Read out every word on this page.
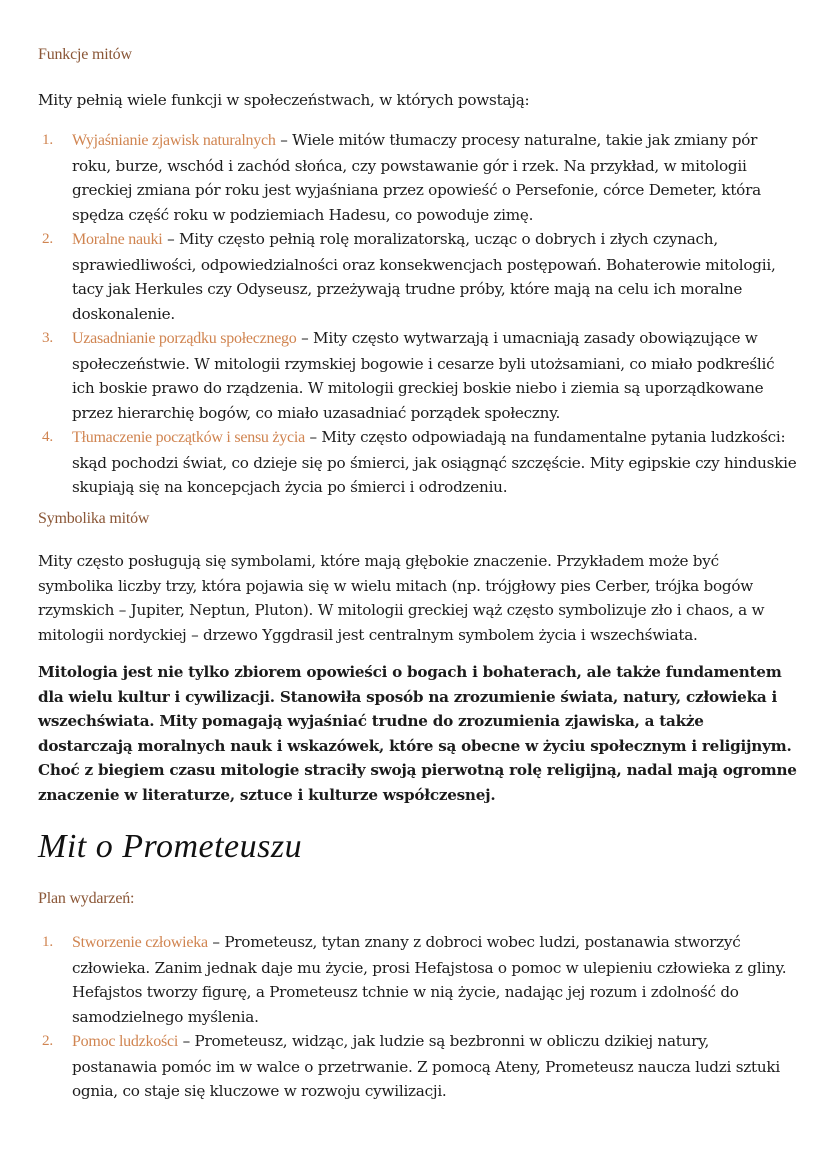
Funkcje mitów

Mity pełnią wiele funkcji w społeczeństwach, w których powstają:

1. Wyjaśnianie zjawisk naturalnych – Wiele mitów tłumaczy procesy naturalne, takie jak zmiany pór roku, burze, wschód i zachód słońca, czy powstawanie gór i rzek. Na przykład, w mitologii greckiej zmiana pór roku jest wyjaśniana przez opowieść o Persefonie, córce Demeter, która spędza część roku w podziemiach Hadesu, co powoduje zimę.
2. Moralne nauki – Mity często pełnią rolę moralizatorską, ucząc o dobrych i złych czynach, sprawiedliwości, odpowiedzialności oraz konsekwencjach postępowań. Bohaterowie mitologii, tacy jak Herkules czy Odyseusz, przeżywają trudne próby, które mają na celu ich moralne doskonalenie.
3. Uzasadnianie porządku społecznego – Mity często wytwarzają i umacniają zasady obowiązujące w społeczeństwie. W mitologii rzymskiej bogowie i cesarze byli utożsamiani, co miało podkreślić ich boskie prawo do rządzenia. W mitologii greckiej boskie niebo i ziemia są uporządkowane przez hierarchię bogów, co miało uzasadniać porządek społeczny.
4. Tłumaczenie początków i sensu życia – Mity często odpowiadają na fundamentalne pytania ludzkości: skąd pochodzi świat, co dzieje się po śmierci, jak osiągnąć szczęście. Mity egipskie czy hinduskie skupiają się na koncepcjach życia po śmierci i odrodzeniu.
Symbolika mitów

Mity często posługują się symbolami, które mają głębokie znaczenie. Przykładem może być symbolika liczby trzy, która pojawia się w wielu mitach (np. trójgłowy pies Cerber, trójka bogów rzymskich – Jupiter, Neptun, Pluton). W mitologii greckiej wąż często symbolizuje zło i chaos, a w mitologii nordyckiej – drzewo Yggdrasil jest centralnym symbolem życia i wszechświata.

Mitologia jest nie tylko zbiorem opowieści o bogach i bohaterach, ale także fundamentem dla wielu kultur i cywilizacji. Stanowiła sposób na zrozumienie świata, natury, człowieka i wszechświata. Mity pomagają wyjaśniać trudne do zrozumienia zjawiska, a także dostarczają moralnych nauk i wskazówek, które są obecne w życiu społecznym i religijnym. Choć z biegiem czasu mitologie straciły swoją pierwotną rolę religijną, nadal mają ogromne znaczenie w literaturze, sztuce i kulturze współczesnej.

Mit o Prometeuszu
Plan wydarzeń:
1. Stworzenie człowieka – Prometeusz, tytan znany z dobroci wobec ludzi, postanawia stworzyć człowieka. Zanim jednak daje mu życie, prosi Hefajstosa o pomoc w ulepieniu człowieka z gliny. Hefajstos tworzy figurę, a Prometeusz tchnie w nią życie, nadając jej rozum i zdolność do samodzielnego myślenia.
2. Pomoc ludzkości – Prometeusz, widząc, jak ludzie są bezbronni w obliczu dzikiej natury, postanawia pomóc im w walce o przetrwanie. Z pomocą Ateny, Prometeusz naucza ludzi sztuki ognia, co staje się kluczowe w rozwoju cywilizacji.
